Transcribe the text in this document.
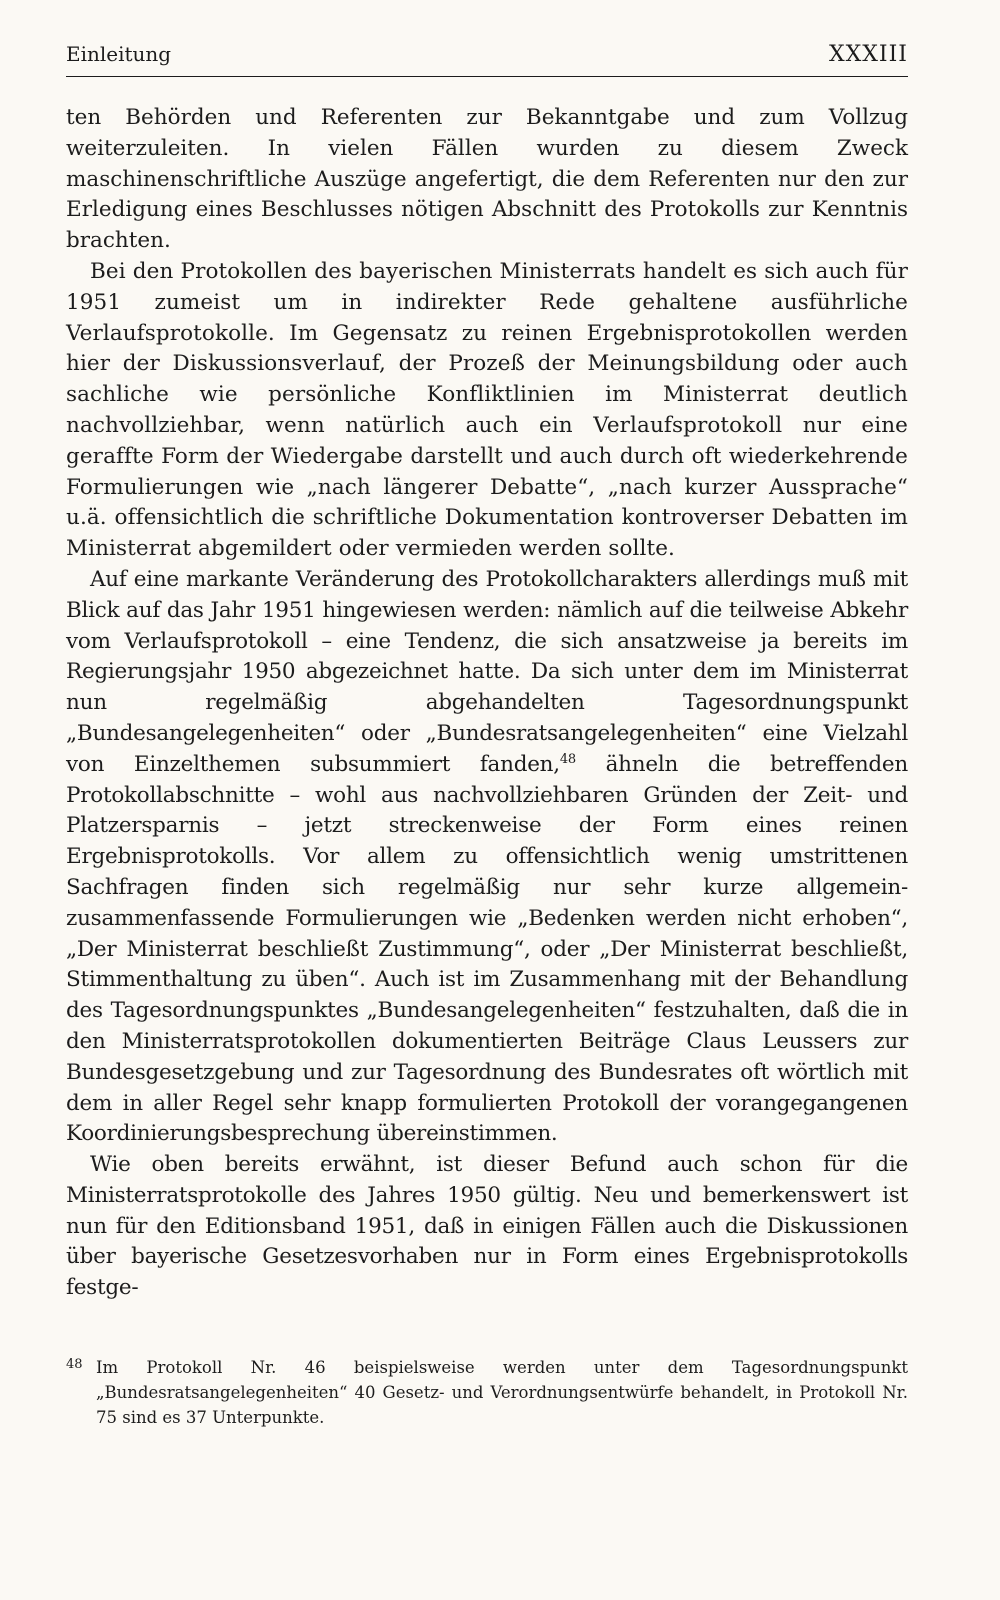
Einleitung	XXXIII

ten Behörden und Referenten zur Bekanntgabe und zum Vollzug weiterzuleiten. In vielen Fällen wurden zu diesem Zweck maschinenschriftliche Auszüge angefertigt, die dem Referenten nur den zur Erledigung eines Beschlusses nötigen Abschnitt des Protokolls zur Kenntnis brachten.

Bei den Protokollen des bayerischen Ministerrats handelt es sich auch für 1951 zumeist um in indirekter Rede gehaltene ausführliche Verlaufsprotokolle. Im Gegensatz zu reinen Ergebnisprotokollen werden hier der Diskussionsverlauf, der Prozeß der Meinungsbildung oder auch sachliche wie persönliche Konfliktlinien im Ministerrat deutlich nachvollziehbar, wenn natürlich auch ein Verlaufsprotokoll nur eine geraffte Form der Wiedergabe darstellt und auch durch oft wiederkehrende Formulierungen wie „nach längerer Debatte“, „nach kurzer Aussprache“ u.ä. offensichtlich die schriftliche Dokumentation kontroverser Debatten im Ministerrat abgemildert oder vermieden werden sollte.

Auf eine markante Veränderung des Protokollcharakters allerdings muß mit Blick auf das Jahr 1951 hingewiesen werden: nämlich auf die teilweise Abkehr vom Verlaufsprotokoll – eine Tendenz, die sich ansatzweise ja bereits im Regierungsjahr 1950 abgezeichnet hatte. Da sich unter dem im Ministerrat nun regelmäßig abgehandelten Tagesordnungspunkt „Bundesangelegenheiten“ oder „Bundesratsangelegenheiten“ eine Vielzahl von Einzelthemen subsummiert fanden,$^{48}$ ähneln die betreffenden Protokollabschnitte – wohl aus nachvollziehbaren Gründen der Zeit- und Platzersparnis – jetzt streckenweise der Form eines reinen Ergebnisprotokolls. Vor allem zu offensichtlich wenig umstrittenen Sachfragen finden sich regelmäßig nur sehr kurze allgemein-zusammenfassende Formulierungen wie „Bedenken werden nicht erhoben“, „Der Ministerrat beschließt Zustimmung“, oder „Der Ministerrat beschließt, Stimmenthaltung zu üben“. Auch ist im Zusammenhang mit der Behandlung des Tagesordnungspunktes „Bundesangelegenheiten“ festzuhalten, daß die in den Ministerratsprotokollen dokumentierten Beiträge Claus Leussers zur Bundesgesetzgebung und zur Tagesordnung des Bundesrates oft wörtlich mit dem in aller Regel sehr knapp formulierten Protokoll der vorangegangenen Koordinierungsbesprechung übereinstimmen.

Wie oben bereits erwähnt, ist dieser Befund auch schon für die Ministerratsprotokolle des Jahres 1950 gültig. Neu und bemerkenswert ist nun für den Editionsband 1951, daß in einigen Fällen auch die Diskussionen über bayerische Gesetzesvorhaben nur in Form eines Ergebnisprotokolls festge-

48 Im Protokoll Nr. 46 beispielsweise werden unter dem Tagesordnungspunkt „Bundesratsangelegenheiten“ 40 Gesetz- und Verordnungsentwürfe behandelt, in Protokoll Nr. 75 sind es 37 Unterpunkte.
